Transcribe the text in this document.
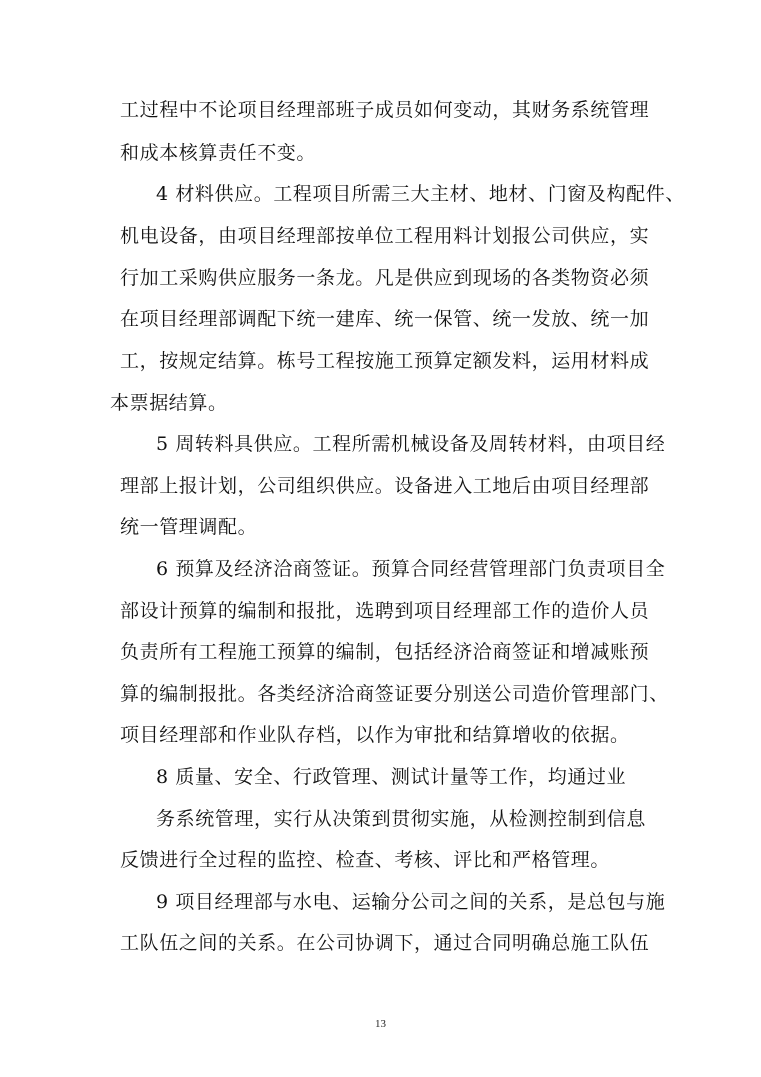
工过程中不论项目经理部班子成员如何变动，其财务系统管理
和成本核算责任不变。
4 材料供应。工程项目所需三大主材、地材、门窗及构配件、
机电设备，由项目经理部按单位工程用料计划报公司供应，实
行加工采购供应服务一条龙。凡是供应到现场的各类物资必须
在项目经理部调配下统一建库、统一保管、统一发放、统一加
工，按规定结算。栋号工程按施工预算定额发料，运用材料成
本票据结算。
5 周转料具供应。工程所需机械设备及周转材料，由项目经
理部上报计划，公司组织供应。设备进入工地后由项目经理部
统一管理调配。
6 预算及经济洽商签证。预算合同经营管理部门负责项目全
部设计预算的编制和报批，选聘到项目经理部工作的造价人员
负责所有工程施工预算的编制，包括经济洽商签证和增减账预
算的编制报批。各类经济洽商签证要分别送公司造价管理部门、
项目经理部和作业队存档，以作为审批和结算增收的依据。
8 质量、安全、行政管理、测试计量等工作，均通过业
务系统管理，实行从决策到贯彻实施，从检测控制到信息
反馈进行全过程的监控、检查、考核、评比和严格管理。
9 项目经理部与水电、运输分公司之间的关系，是总包与施
工队伍之间的关系。在公司协调下，通过合同明确总施工队伍
13
